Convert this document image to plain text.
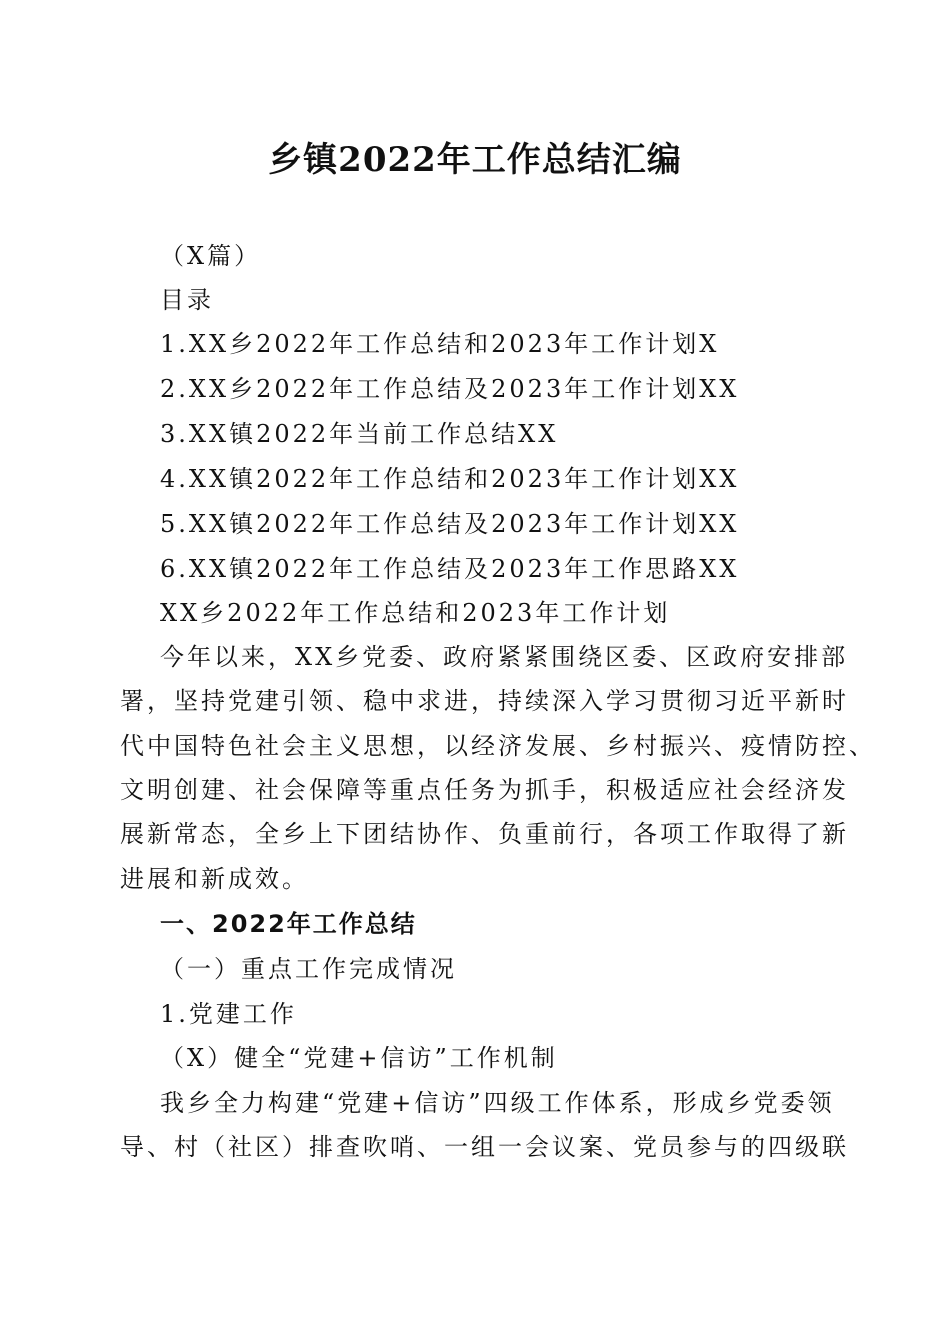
乡镇2022年工作总结汇编
（X篇）
目录
1.XX乡2022年工作总结和2023年工作计划X
2.XX乡2022年工作总结及2023年工作计划XX
3.XX镇2022年当前工作总结XX
4.XX镇2022年工作总结和2023年工作计划XX
5.XX镇2022年工作总结及2023年工作计划XX
6.XX镇2022年工作总结及2023年工作思路XX
XX乡2022年工作总结和2023年工作计划
今年以来，XX乡党委、政府紧紧围绕区委、区政府安排部
署，坚持党建引领、稳中求进，持续深入学习贯彻习近平新时
代中国特色社会主义思想，以经济发展、乡村振兴、疫情防控、
文明创建、社会保障等重点任务为抓手，积极适应社会经济发
展新常态，全乡上下团结协作、负重前行，各项工作取得了新
进展和新成效。
一、2022年工作总结
（一）重点工作完成情况
1.党建工作
（X）健全“党建+信访”工作机制
我乡全力构建“党建+信访”四级工作体系，形成乡党委领
导、村（社区）排查吹哨、一组一会议案、党员参与的四级联
